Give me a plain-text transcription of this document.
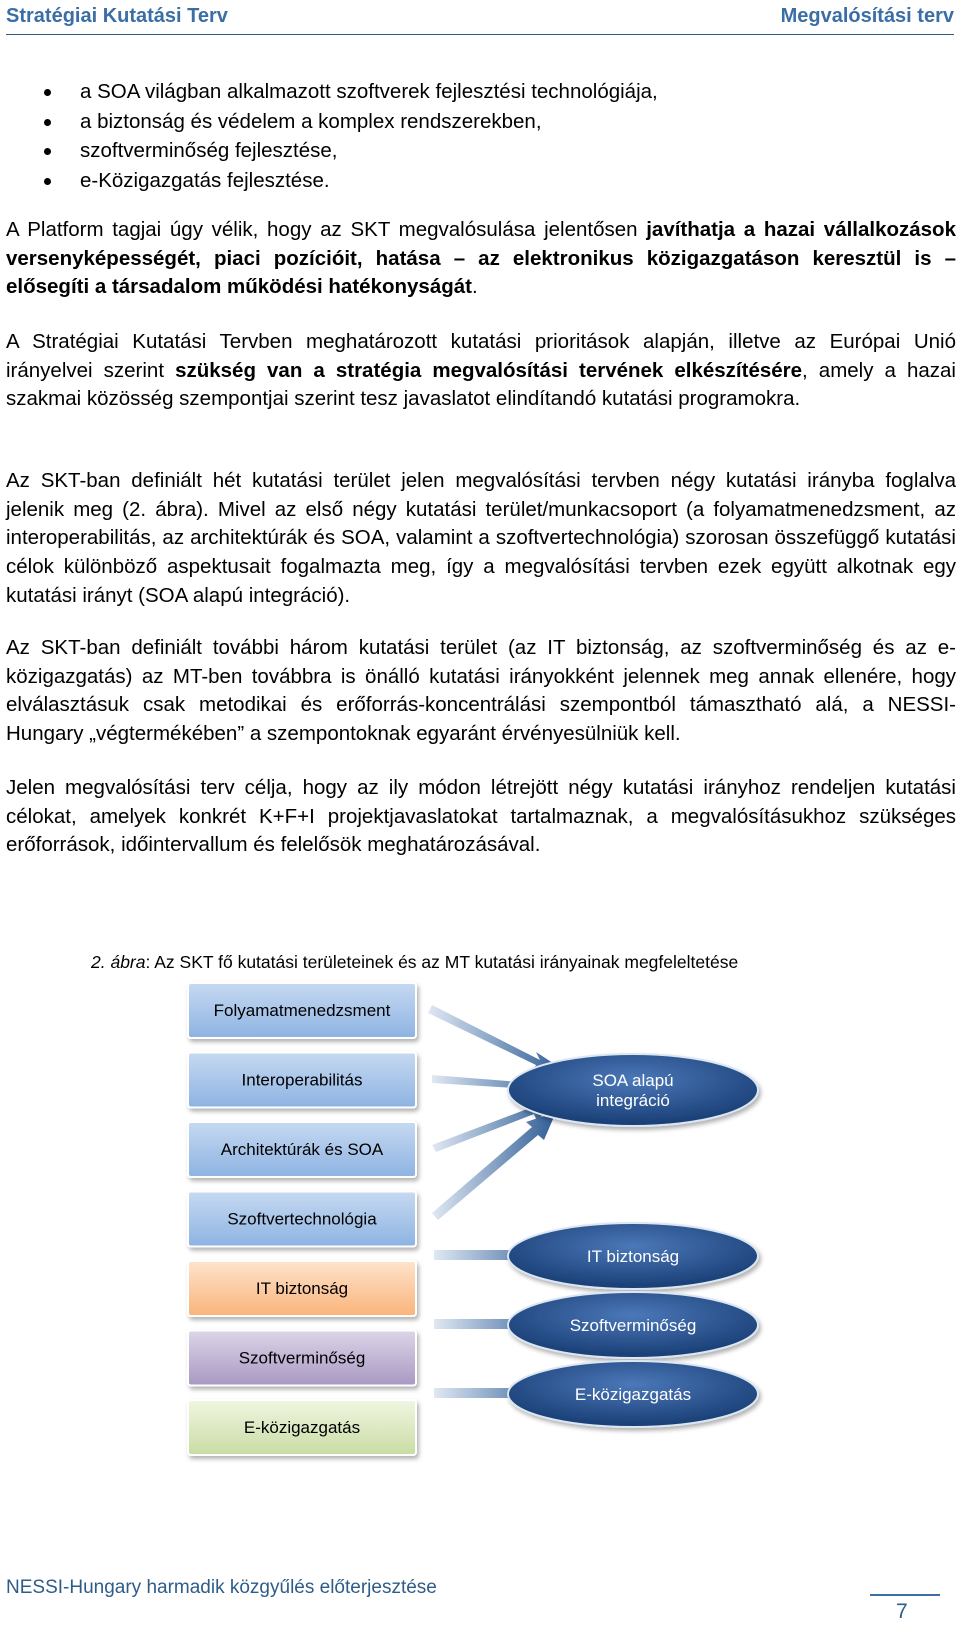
Stratégiai Kutatási Terv	Megvalósítási terv
a SOA világban alkalmazott szoftverek fejlesztési technológiája,
a biztonság és védelem a komplex rendszerekben,
szoftverminőség fejlesztése,
e-Közigazgatás fejlesztése.

A Platform tagjai úgy vélik, hogy az SKT megvalósulása jelentősen javíthatja a hazai vállalkozások versenyképességét, piaci pozícióit, hatása – az elektronikus közigazgatáson keresztül is – elősegíti a társadalom működési hatékonyságát.

A Stratégiai Kutatási Tervben meghatározott kutatási prioritások alapján, illetve az Európai Unió irányelvei szerint szükség van a stratégia megvalósítási tervének elkészítésére, amely a hazai szakmai közösség szempontjai szerint tesz javaslatot elindítandó kutatási programokra.

Az SKT-ban definiált hét kutatási terület jelen megvalósítási tervben négy kutatási irányba foglalva jelenik meg (2. ábra). Mivel az első négy kutatási terület/munkacsoport (a folyamatmenedzsment, az interoperabilitás, az architektúrák és SOA, valamint a szoftvertechnológia) szorosan összefüggő kutatási célok különböző aspektusait fogalmazta meg, így a megvalósítási tervben ezek együtt alkotnak egy kutatási irányt (SOA alapú integráció).

Az SKT-ban definiált további három kutatási terület (az IT biztonság, az szoftverminőség és az e-közigazgatás) az MT-ben továbbra is önálló kutatási irányokként jelennek meg annak ellenére, hogy elválasztásuk csak metodikai és erőforrás-koncentrálási szempontból támasztható alá, a NESSI-Hungary „végtermékében” a szempontoknak egyaránt érvényesülniük kell.

Jelen megvalósítási terv célja, hogy az ily módon létrejött négy kutatási irányhoz rendeljen kutatási célokat, amelyek konkrét K+F+I projektjavaslatokat tartalmaznak, a megvalósításukhoz szükséges erőforrások, időintervallum és felelősök meghatározásával.

2. ábra: Az SKT fő kutatási területeinek és az MT kutatási irányainak megfeleltetése
Folyamatmenedzsment
Interoperabilitás
Architektúrák és SOA
Szoftvertechnológia
IT biztonság
Szoftverminőség
E-közigazgatás
SOA alapú
integráció
IT biztonság
Szoftverminőség
E-közigazgatás
NESSI-Hungary harmadik közgyűlés előterjesztése
7
